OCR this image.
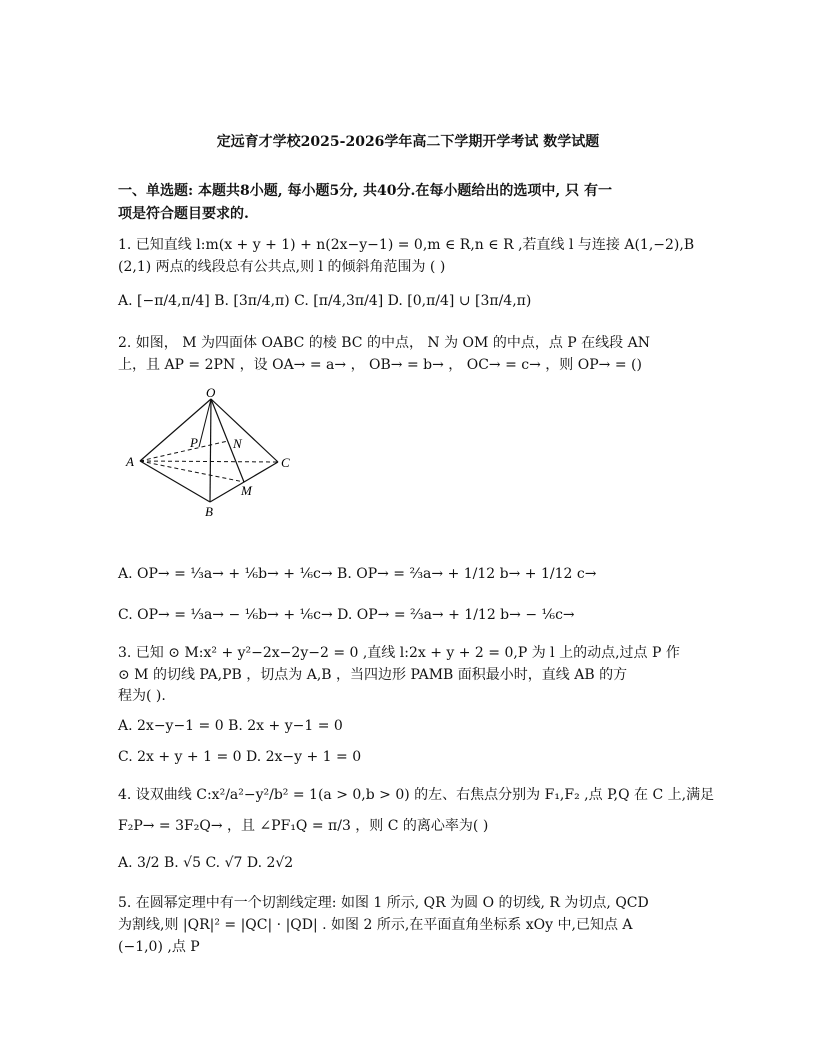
定远育才学校2025-2026学年高二下学期开学考试 数学试题
一、单选题: 本题共8小题, 每小题5分, 共40分.在每小题给出的选项中, 只 有一
项是符合题目要求的.
1. 已知直线 l:m(x + y + 1) + n(2x−y−1) = 0,m ∈ R,n ∈ R ,若直线 l 与连接 A(1,−2),B
(2,1) 两点的线段总有公共点,则 l 的倾斜角范围为 ( )
A. [−π/4,π/4] B. [3π/4,π) C. [π/4,3π/4] D. [0,π/4] ∪ [3π/4,π)
2. 如图， M 为四面体 OABC 的棱 BC 的中点， N 为 OM 的中点，点 P 在线段 AN
上，且 AP = 2PN ，设 OA→ = a→ ， OB→ = b→ ， OC→ = c→ ，则 OP→ = ()
O
A
B
C
N
M
P
A. OP→ = ⅓a→ + ⅙b→ + ⅙c→ B. OP→ = ⅔a→ + 1/12 b→ + 1/12 c→
C. OP→ = ⅓a→ − ⅙b→ + ⅙c→ D. OP→ = ⅔a→ + 1/12 b→ − ⅙c→
3. 已知 ⊙ M:x² + y²−2x−2y−2 = 0 ,直线 l:2x + y + 2 = 0,P 为 l 上的动点,过点 P 作
⊙ M 的切线 PA,PB ，切点为 A,B ，当四边形 PAMB 面积最小时，直线 AB 的方
程为( ).
A. 2x−y−1 = 0 B. 2x + y−1 = 0
C. 2x + y + 1 = 0 D. 2x−y + 1 = 0
4. 设双曲线 C:x²/a²−y²/b² = 1(a > 0,b > 0) 的左、右焦点分别为 F₁,F₂ ,点 P,Q 在 C 上,满足
F₂P→ = 3F₂Q→ ，且 ∠PF₁Q = π/3 ，则 C 的离心率为( )
A. 3/2 B. √5 C. √7 D. 2√2
5. 在圆幂定理中有一个切割线定理: 如图 1 所示, QR 为圆 O 的切线, R 为切点, QCD
为割线,则 |QR|² = |QC| · |QD| . 如图 2 所示,在平面直角坐标系 xOy 中,已知点 A
(−1,0) ,点 P
